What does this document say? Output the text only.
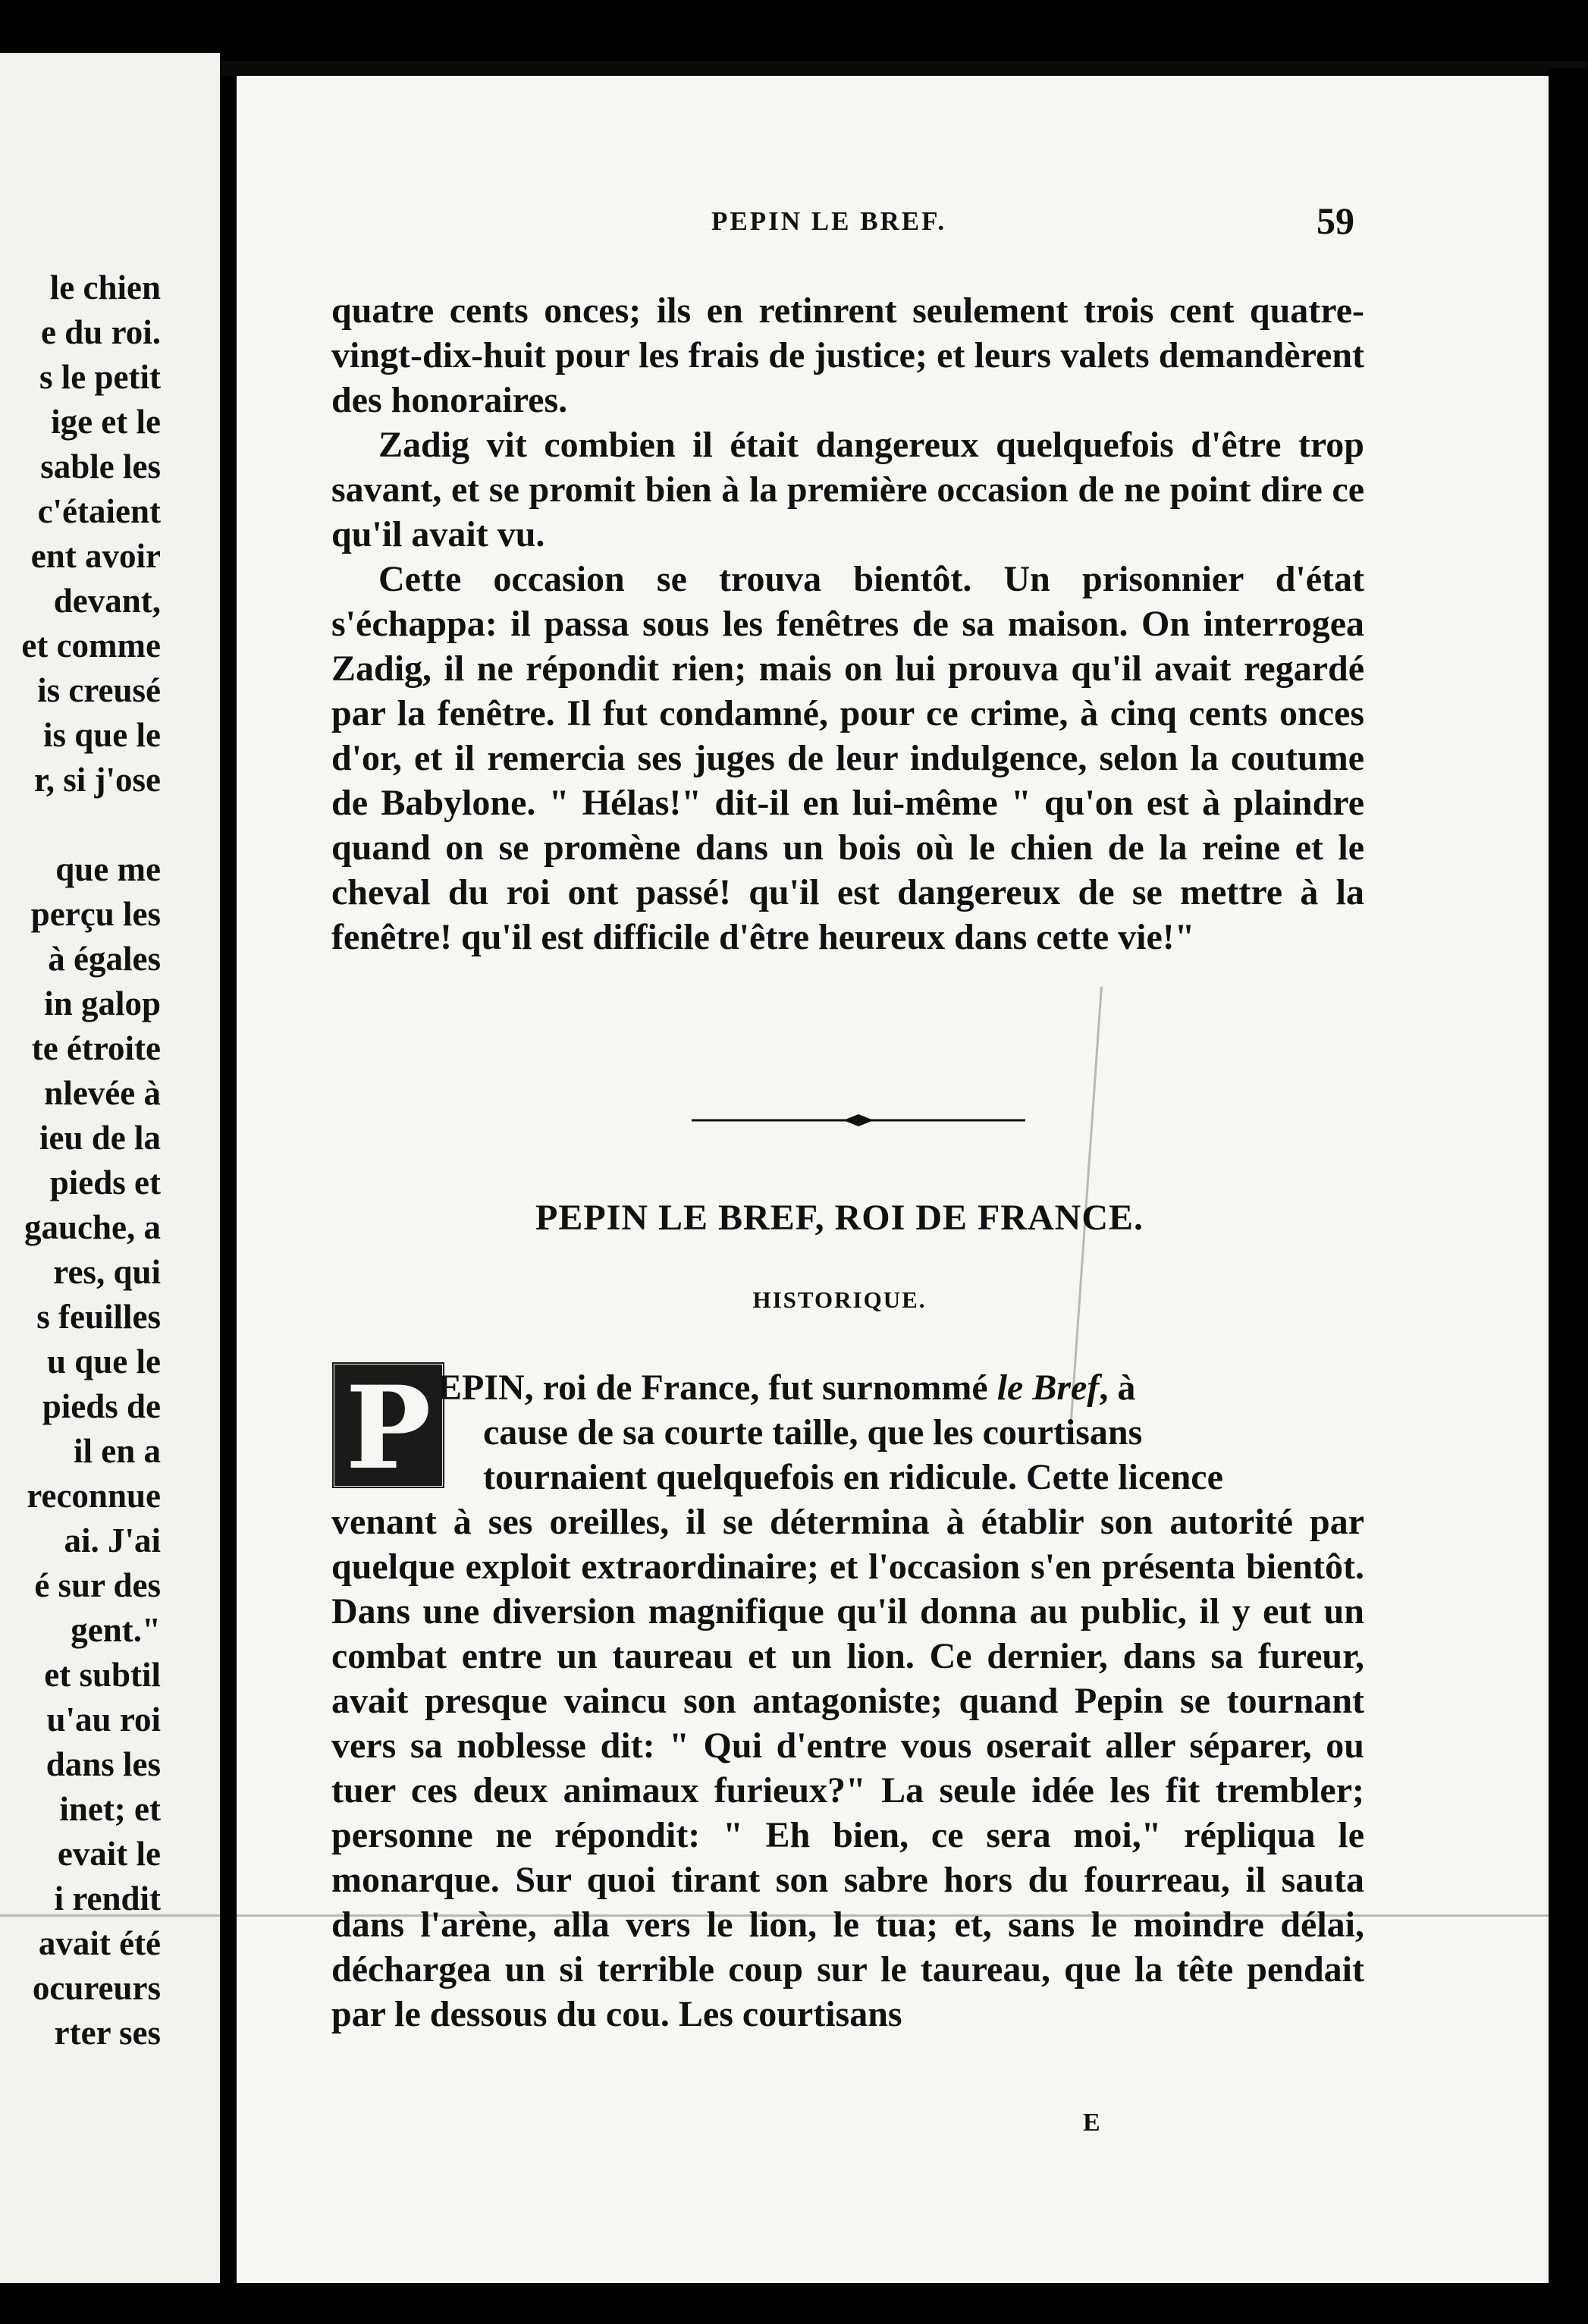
le chien
e du roi.
s le petit
ige et le
sable les
c'étaient
ent avoir
devant,
et comme
is creusé
is que le
r, si j'ose
que me
perçu les
à égales
in galop
te étroite
nlevée à
ieu de la
pieds et
gauche, a
res, qui
s feuilles
u que le
pieds de
il en a
reconnue
ai. J'ai
é sur des
gent."
et subtil
u'au roi
dans les
inet; et
evait le
i rendit
avait été
ocureurs
rter ses
PEPIN LE BREF.	59

quatre cents onces; ils en retinrent seulement trois cent quatre-vingt-dix-huit pour les frais de justice; et leurs valets demandèrent des honoraires.

Zadig vit combien il était dangereux quelquefois d'être trop savant, et se promit bien à la première occasion de ne point dire ce qu'il avait vu.

Cette occasion se trouva bientôt. Un prisonnier d'état s'échappa: il passa sous les fenêtres de sa maison. On interrogea Zadig, il ne répondit rien; mais on lui prouva qu'il avait regardé par la fenêtre. Il fut condamné, pour ce crime, à cinq cents onces d'or, et il remercia ses juges de leur indulgence, selon la coutume de Babylone. " Hélas!" dit-il en lui-même " qu'on est à plaindre quand on se promène dans un bois où le chien de la reine et le cheval du roi ont passé! qu'il est dangereux de se mettre à la fenêtre! qu'il est difficile d'être heureux dans cette vie!"

PEPIN LE BREF, ROI DE FRANCE.
HISTORIQUE.
P EPIN, roi de France, fut surnommé le Bref, à
cause de sa courte taille, que les courtisans
tournaient quelquefois en ridicule. Cette licence

venant à ses oreilles, il se détermina à établir son autorité par quelque exploit extraordinaire; et l'occasion s'en présenta bientôt. Dans une diversion magnifique qu'il donna au public, il y eut un combat entre un taureau et un lion. Ce dernier, dans sa fureur, avait presque vaincu son antagoniste; quand Pepin se tournant vers sa noblesse dit: " Qui d'entre vous oserait aller séparer, ou tuer ces deux animaux furieux?" La seule idée les fit trembler; personne ne répondit: " Eh bien, ce sera moi," répliqua le monarque. Sur quoi tirant son sabre hors du fourreau, il sauta dans l'arène, alla vers le lion, le tua; et, sans le moindre délai, déchargea un si terrible coup sur le taureau, que la tête pendait par le dessous du cou. Les courtisans

E
